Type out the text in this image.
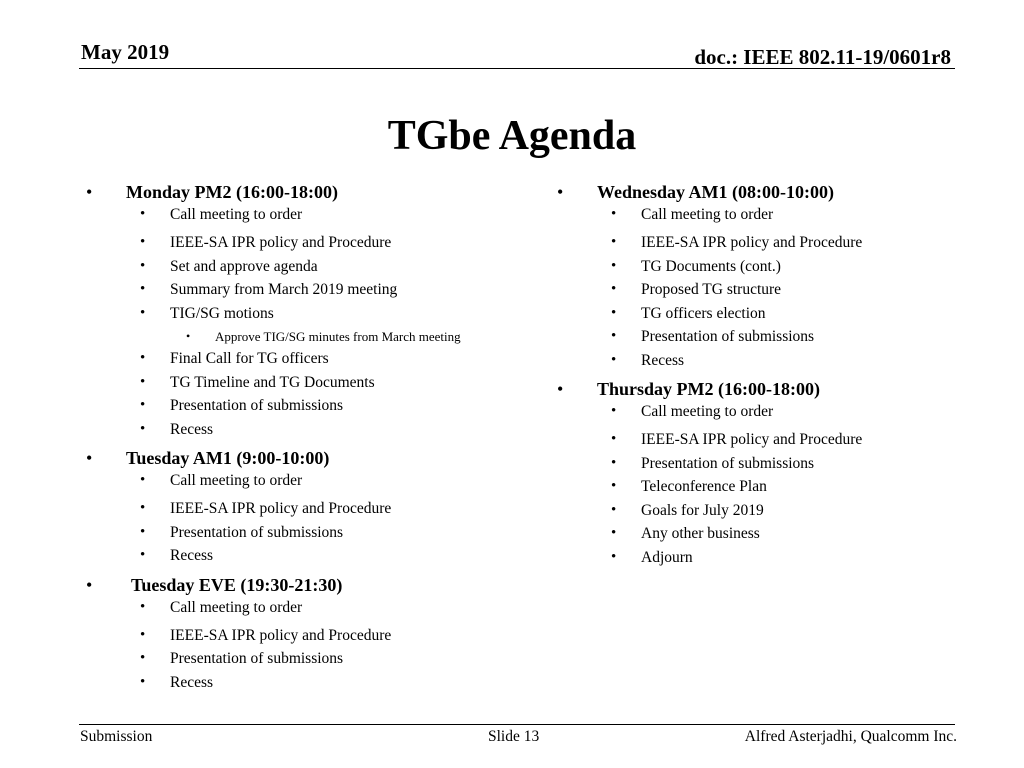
May 2019	doc.: IEEE 802.11-19/0601r8
TGbe Agenda
• Monday PM2 (16:00-18:00)
• Call meeting to order
• IEEE-SA IPR policy and Procedure
• Set and approve agenda
• Summary from March 2019 meeting
• TIG/SG motions
• Approve TIG/SG minutes from March meeting
• Final Call for TG officers
• TG Timeline and TG Documents
• Presentation of submissions
• Recess
• Tuesday AM1 (9:00-10:00)
• Call meeting to order
• IEEE-SA IPR policy and Procedure
• Presentation of submissions
• Recess
• Tuesday EVE (19:30-21:30)
• Call meeting to order
• IEEE-SA IPR policy and Procedure
• Presentation of submissions
• Recess
• Wednesday AM1 (08:00-10:00)
• Call meeting to order
• IEEE-SA IPR policy and Procedure
• TG Documents (cont.)
• Proposed TG structure
• TG officers election
• Presentation of submissions
• Recess
• Thursday PM2 (16:00-18:00)
• Call meeting to order
• IEEE-SA IPR policy and Procedure
• Presentation of submissions
• Teleconference Plan
• Goals for July 2019
• Any other business
• Adjourn
Submission	Slide 13	Alfred Asterjadhi, Qualcomm Inc.
